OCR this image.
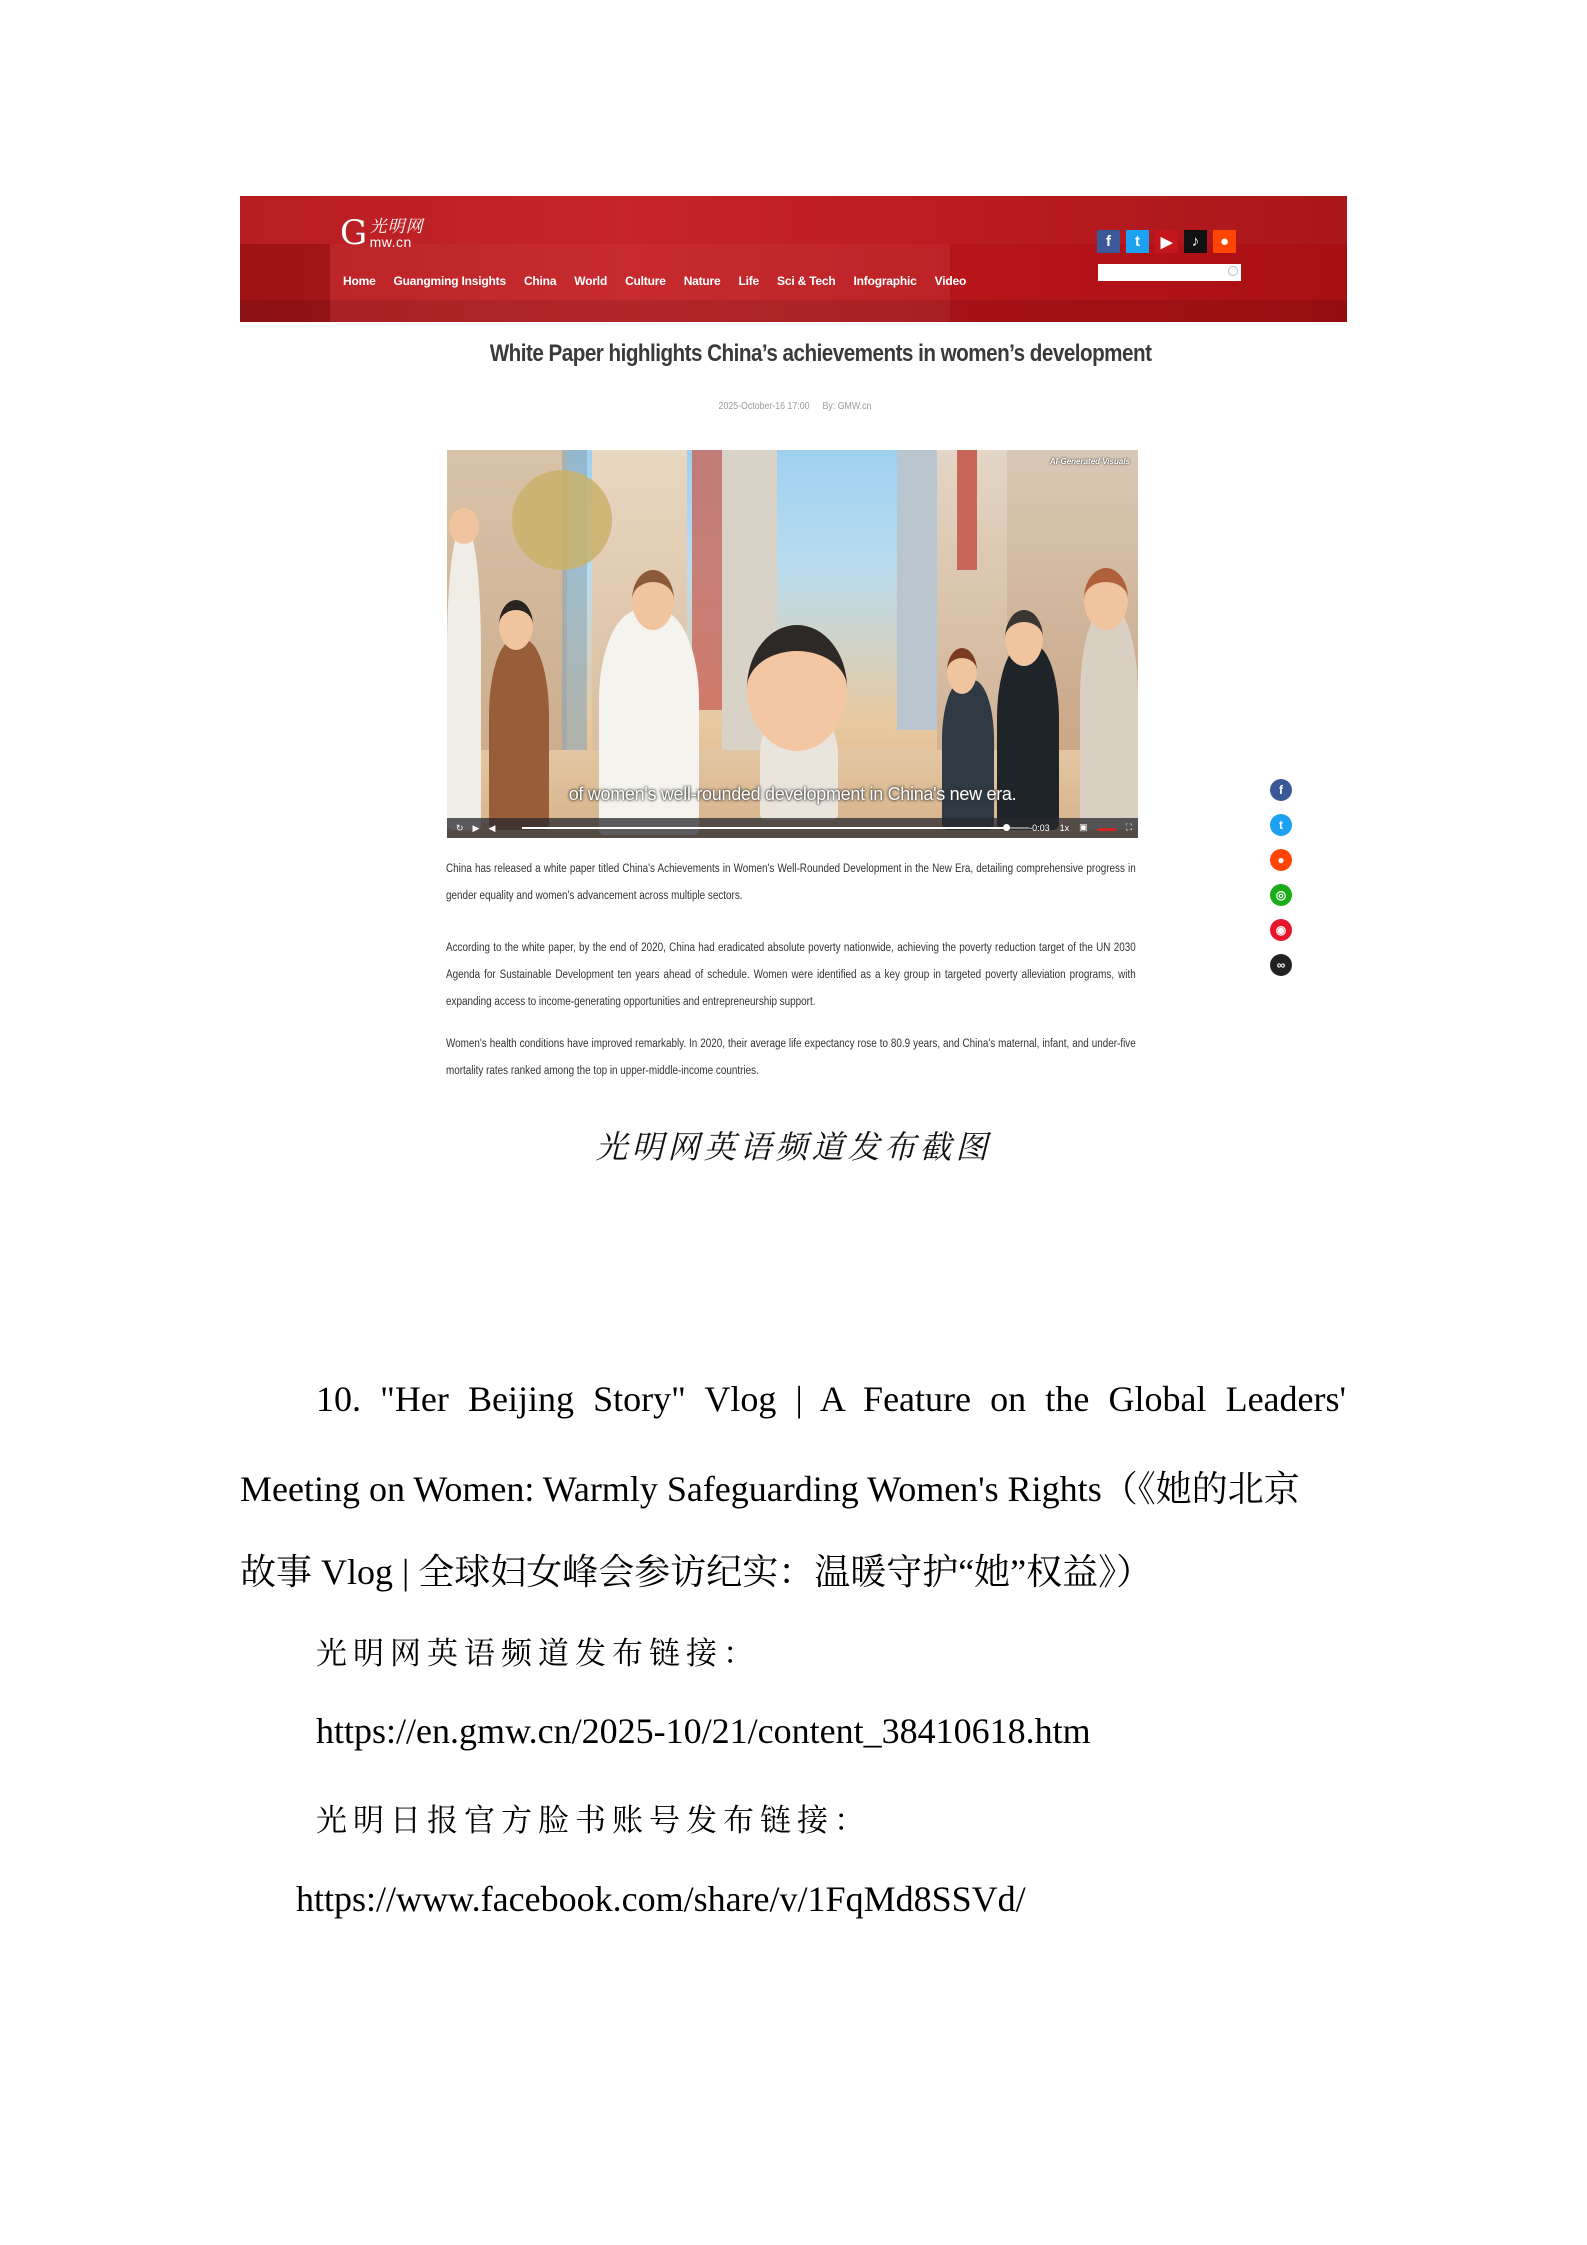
G 光明网
mw.cn
Home Guangming Insights China World Culture Nature Life Sci & Tech Infographic Video
f	t	▶	♪	●
White Paper highlights China’s achievements in women’s development
2025-October-16 17:00 By: GMW.cn
AI-Generated Visuals
of women's well-rounded development in China's new era.
↻ ▶ ◀	-0:03 1x ▣ ▬▬ ⛶

China has released a white paper titled China's Achievements in Women's Well-Rounded Development in the New Era, detailing comprehensive progress in gender equality and women's advancement across multiple sectors.

According to the white paper, by the end of 2020, China had eradicated absolute poverty nationwide, achieving the poverty reduction target of the UN 2030 Agenda for Sustainable Development ten years ahead of schedule. Women were identified as a key group in targeted poverty alleviation programs, with expanding access to income-generating opportunities and entrepreneurship support.

Women's health conditions have improved remarkably. In 2020, their average life expectancy rose to 80.9 years, and China's maternal, infant, and under-five mortality rates ranked among the top in upper-middle-income countries.

f
t
●
◎
◉
∞
光明网英语频道发布截图
10. "Her Beijing Story" Vlog | A Feature on the Global Leaders'
Meeting on Women: Warmly Safeguarding Women's Rights（《她的北京
故事 Vlog | 全球妇女峰会参访纪实：温暖守护“她”权益》）
光明网英语频道发布链接：
https://en.gmw.cn/2025-10/21/content_38410618.htm
光明日报官方脸书账号发布链接：
https://www.facebook.com/share/v/1FqMd8SSVd/
